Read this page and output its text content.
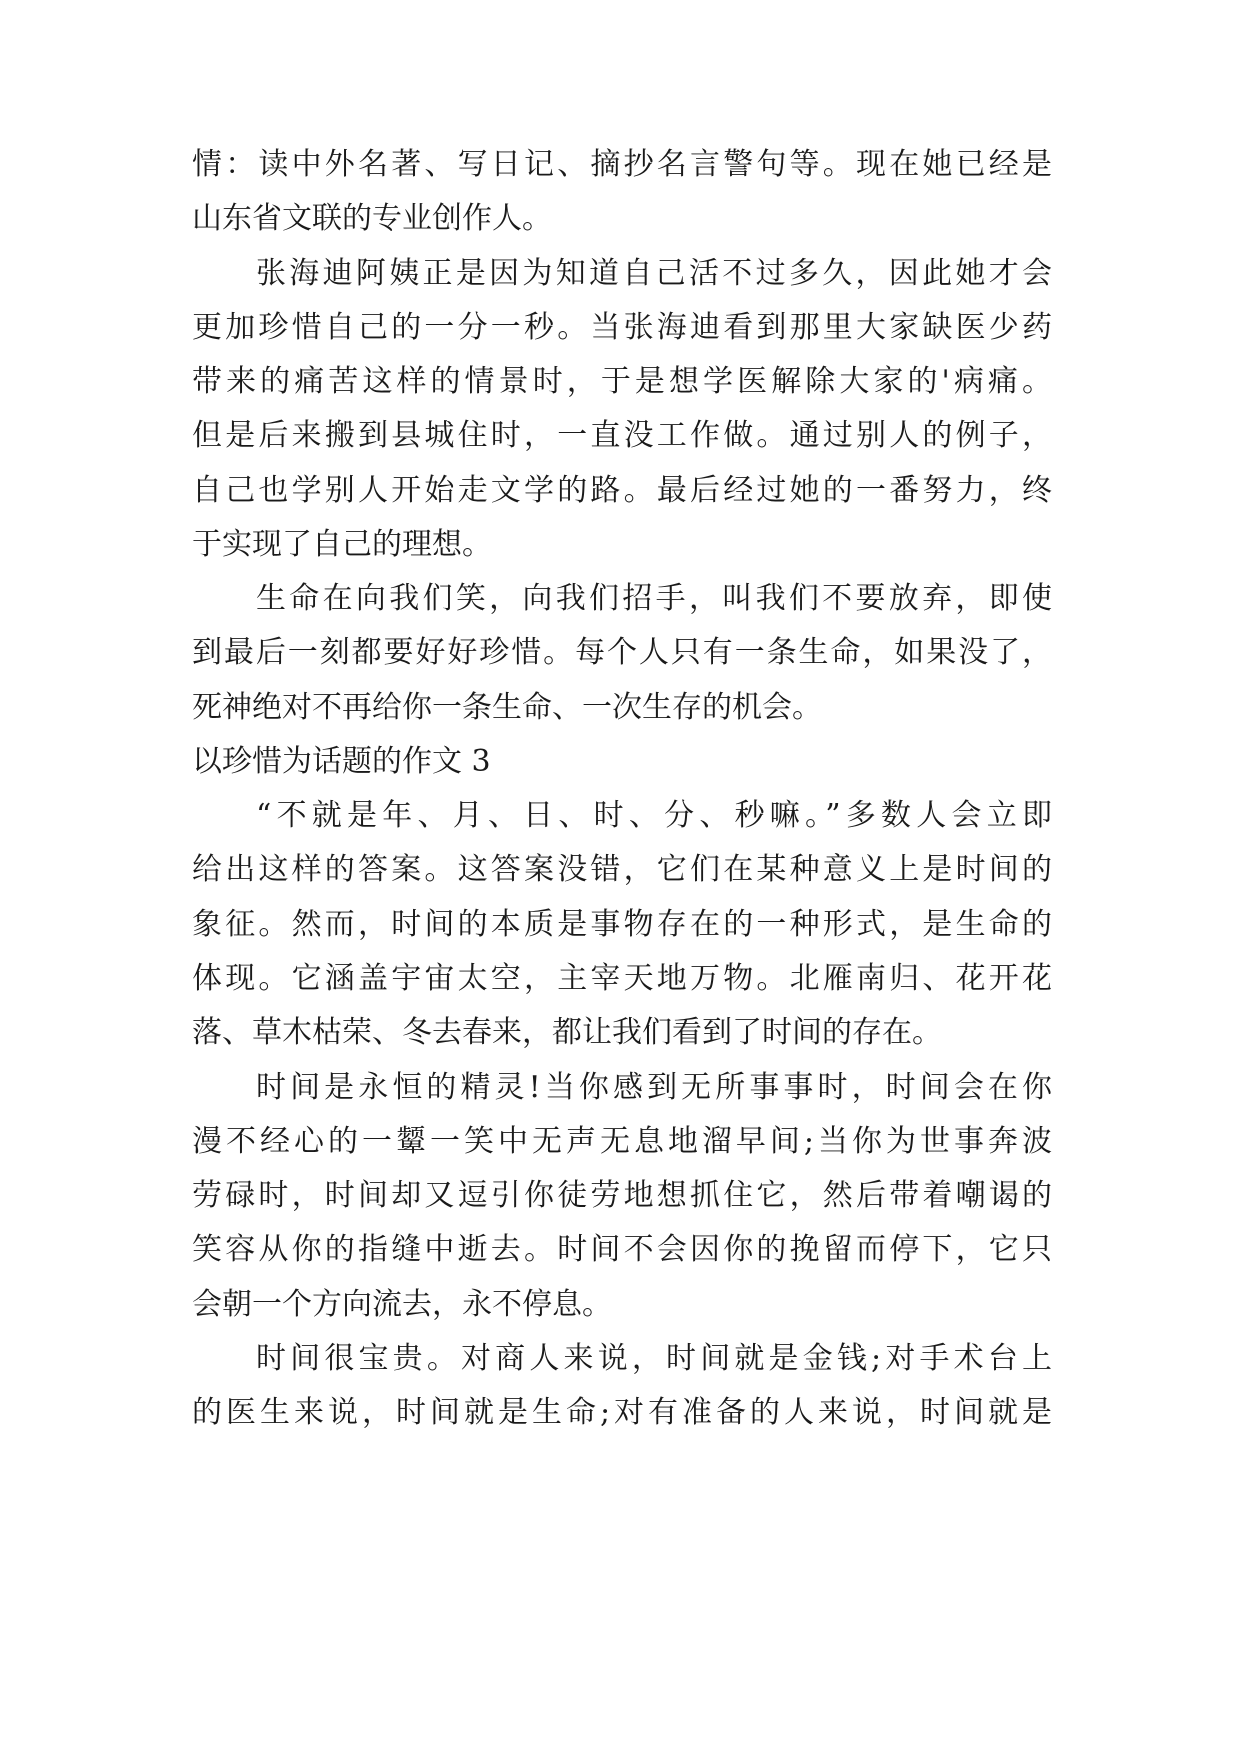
情：读中外名著、写日记、摘抄名言警句等。现在她已经是
山东省文联的专业创作人。
张海迪阿姨正是因为知道自己活不过多久，因此她才会
更加珍惜自己的一分一秒。当张海迪看到那里大家缺医少药
带来的痛苦这样的情景时，于是想学医解除大家的'病痛。
但是后来搬到县城住时，一直没工作做。通过别人的例子，
自己也学别人开始走文学的路。最后经过她的一番努力，终
于实现了自己的理想。
生命在向我们笑，向我们招手，叫我们不要放弃，即使
到最后一刻都要好好珍惜。每个人只有一条生命，如果没了，
死神绝对不再给你一条生命、一次生存的机会。
以珍惜为话题的作文 3
“不就是年、月、日、时、分、秒嘛。”多数人会立即
给出这样的答案。这答案没错，它们在某种意义上是时间的
象征。然而，时间的本质是事物存在的一种形式，是生命的
体现。它涵盖宇宙太空，主宰天地万物。北雁南归、花开花
落、草木枯荣、冬去春来，都让我们看到了时间的存在。
时间是永恒的精灵!当你感到无所事事时，时间会在你
漫不经心的一颦一笑中无声无息地溜早间;当你为世事奔波
劳碌时，时间却又逗引你徒劳地想抓住它，然后带着嘲谒的
笑容从你的指缝中逝去。时间不会因你的挽留而停下，它只
会朝一个方向流去，永不停息。
时间很宝贵。对商人来说，时间就是金钱;对手术台上
的医生来说，时间就是生命;对有准备的人来说，时间就是
